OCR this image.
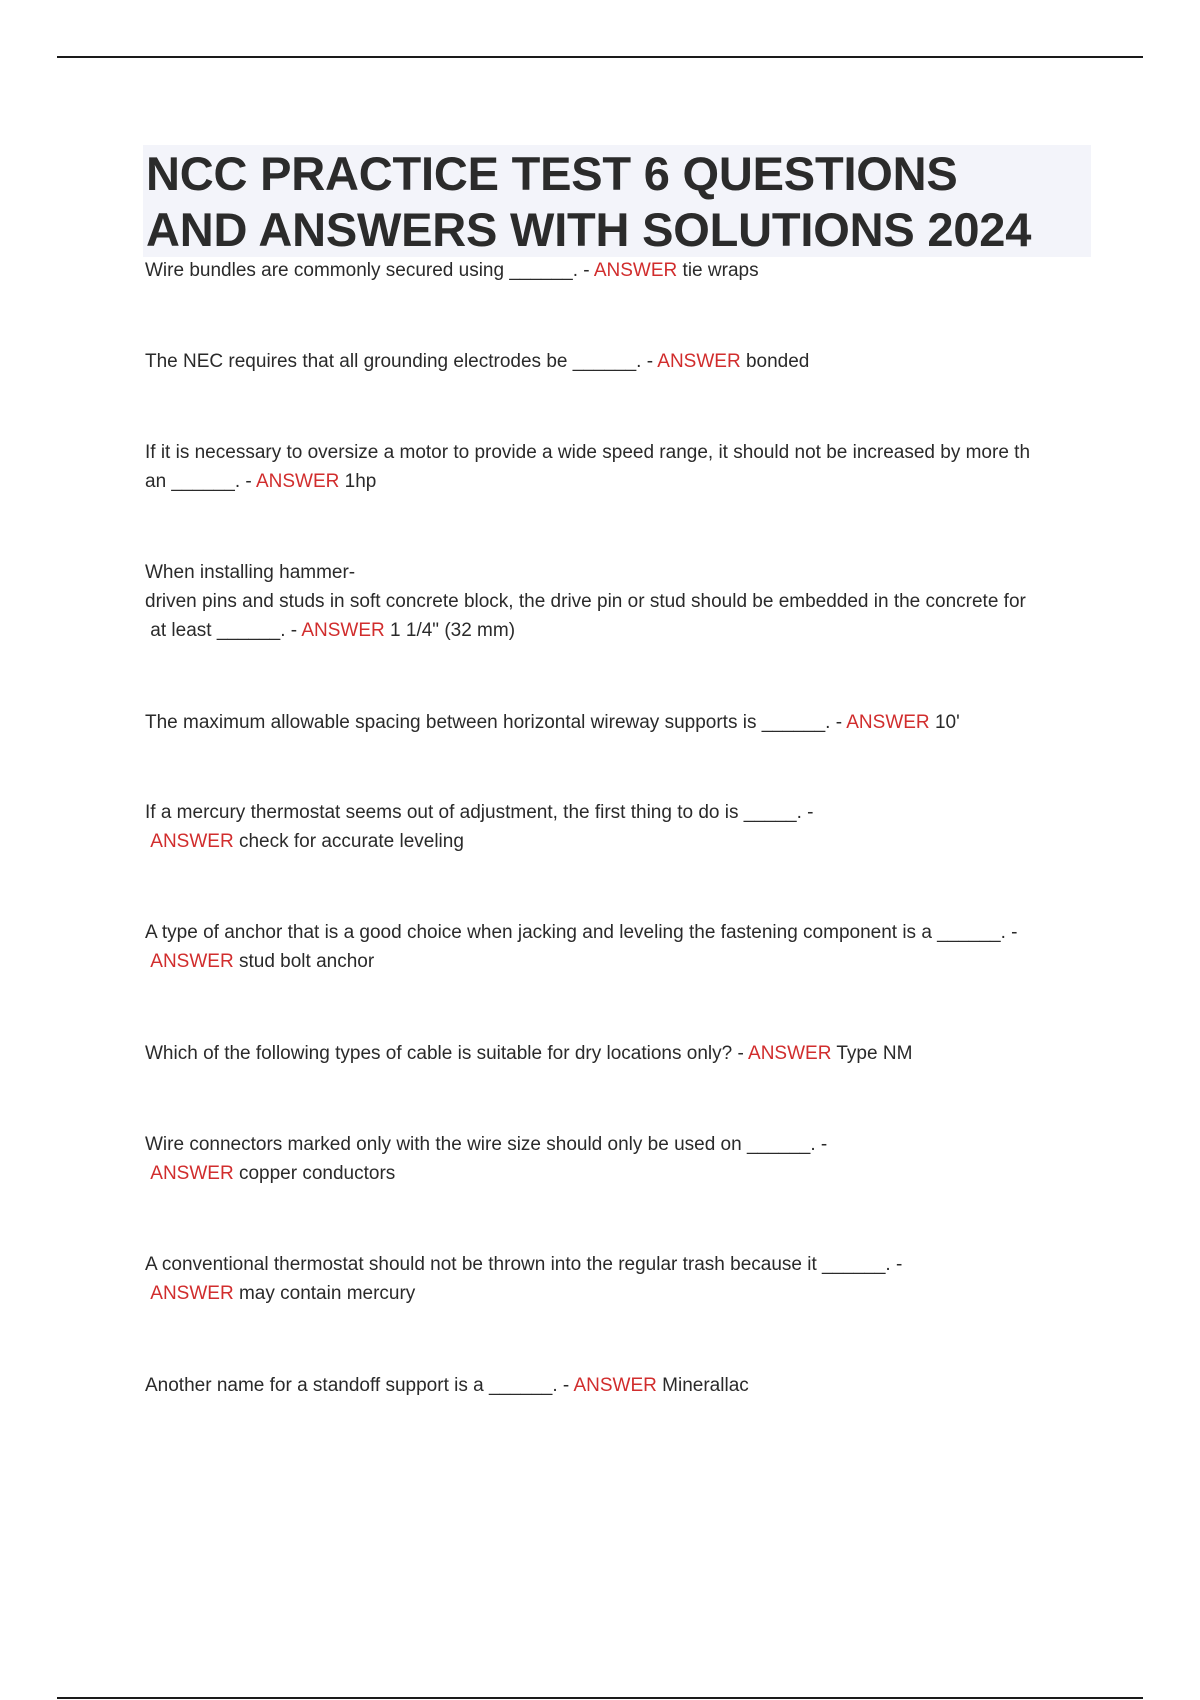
NCC PRACTICE TEST 6 QUESTIONS
AND ANSWERS WITH SOLUTIONS 2024
Wire bundles are commonly secured using ______. - ANSWER tie wraps
The NEC requires that all grounding electrodes be ______. - ANSWER bonded
If it is necessary to oversize a motor to provide a wide speed range, it should not be increased by more th
an ______. - ANSWER 1hp
When installing hammer-
driven pins and studs in soft concrete block, the drive pin or stud should be embedded in the concrete for
at least ______. - ANSWER 1 1/4" (32 mm)
The maximum allowable spacing between horizontal wireway supports is ______. - ANSWER 10'
If a mercury thermostat seems out of adjustment, the first thing to do is _____. -
ANSWER check for accurate leveling
A type of anchor that is a good choice when jacking and leveling the fastening component is a ______. -
ANSWER stud bolt anchor
Which of the following types of cable is suitable for dry locations only? - ANSWER Type NM
Wire connectors marked only with the wire size should only be used on ______. -
ANSWER copper conductors
A conventional thermostat should not be thrown into the regular trash because it ______. -
ANSWER may contain mercury
Another name for a standoff support is a ______. - ANSWER Minerallac
